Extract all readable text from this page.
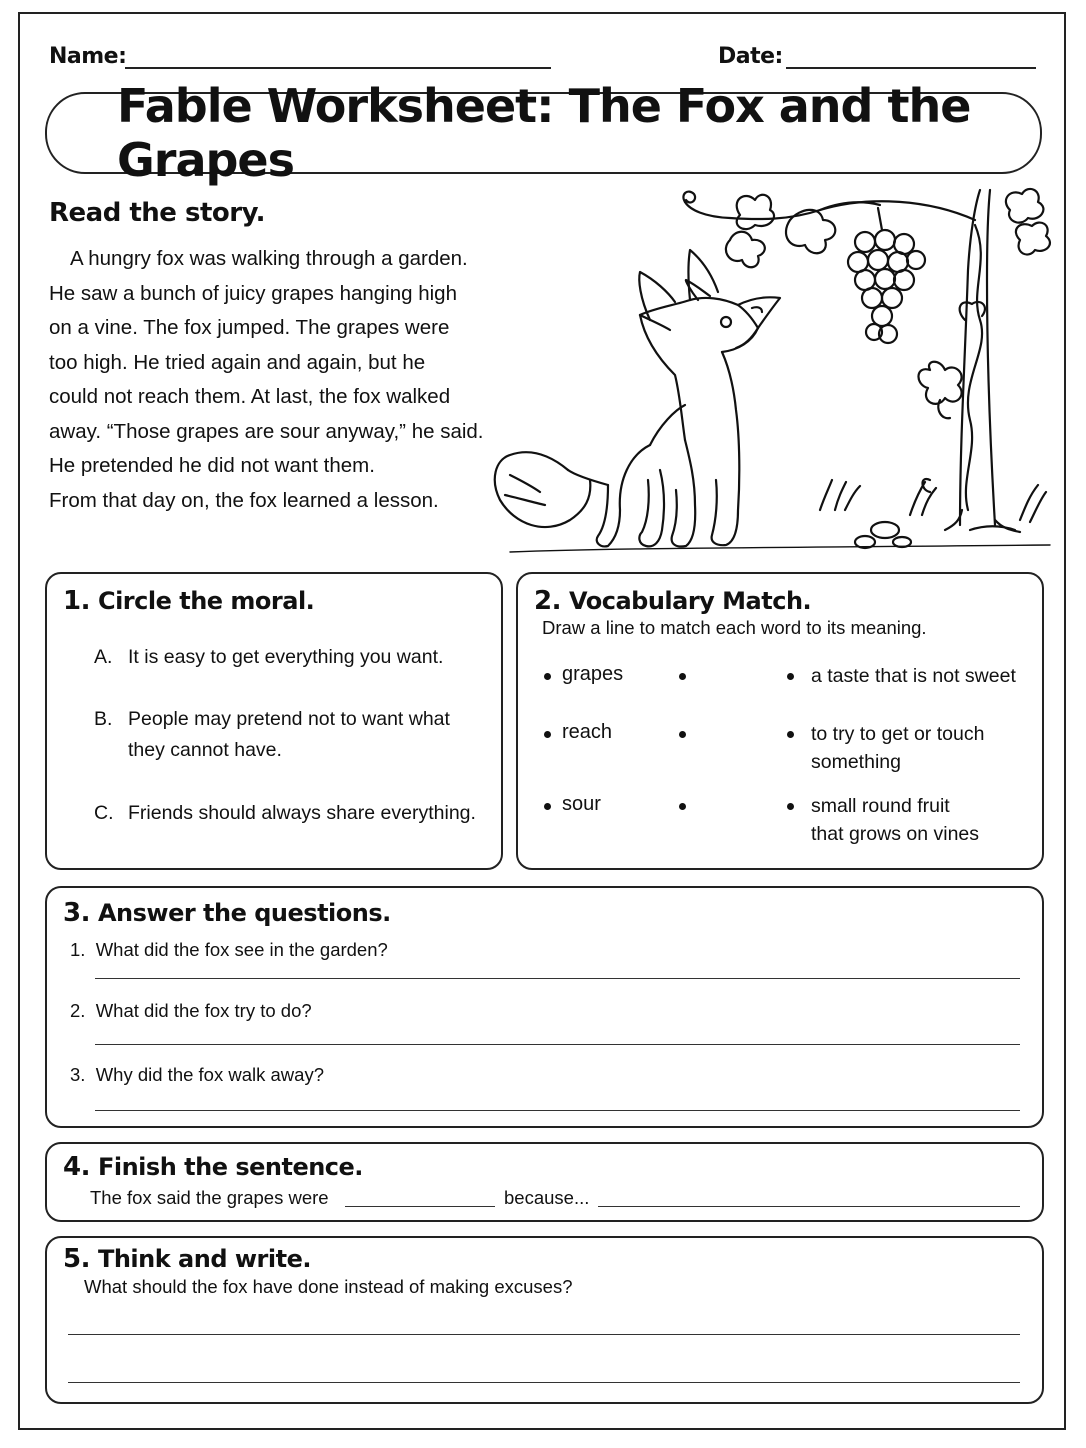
Name:	Date:
Fable Worksheet: The Fox and the Grapes
Read the story.

A hungry fox was walking through a garden.

He saw a bunch of juicy grapes hanging high

on a vine. The fox jumped. The grapes were

too high. He tried again and again, but he

could not reach them. At last, the fox walked

away. “Those grapes are sour anyway,” he said.

He pretended he did not want them.

From that day on, the fox learned a lesson.

1. Circle the moral.
A. It is easy to get everything you want.
B. People may pretend not to want what they cannot have.
C. Friends should always share everything.
2. Vocabulary Match.
Draw a line to match each word to its meaning.
grapes
reach
sour
a taste that is not sweet
to try to get or touch
something
small round fruit
that grows on vines
3. Answer the questions.
1. What did the fox see in the garden?
2. What did the fox try to do?
3. Why did the fox walk away?
4. Finish the sentence.
The fox said the grapes were	because...
5. Think and write.
What should the fox have done instead of making excuses?
